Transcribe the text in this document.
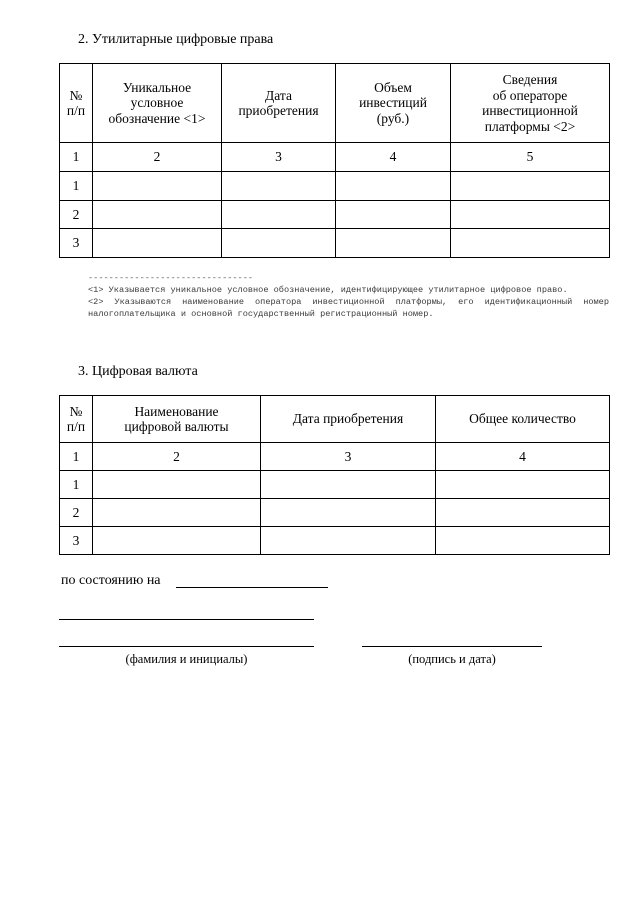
2. Утилитарные цифровые права
№
п/п	Уникальное
условное
обозначение <1>	Дата
приобретения	Объем
инвестиций
(руб.)	Сведения
об операторе
инвестиционной
платформы <2>
1	2	3	4	5
1				
2				
3				
--------------------------------
<1> Указывается уникальное условное обозначение, идентифицирующее утилитарное цифровое право.
<2> Указываются наименование оператора инвестиционной платформы, его идентификационный номер налогоплательщика и основной государственный регистрационный номер.
3. Цифровая валюта
№
п/п	Наименование
цифровой валюты	Дата приобретения	Общее количество
1	2	3	4
1			
2			
3			
по состоянию на
(фамилия и инициалы)	(подпись и дата)
